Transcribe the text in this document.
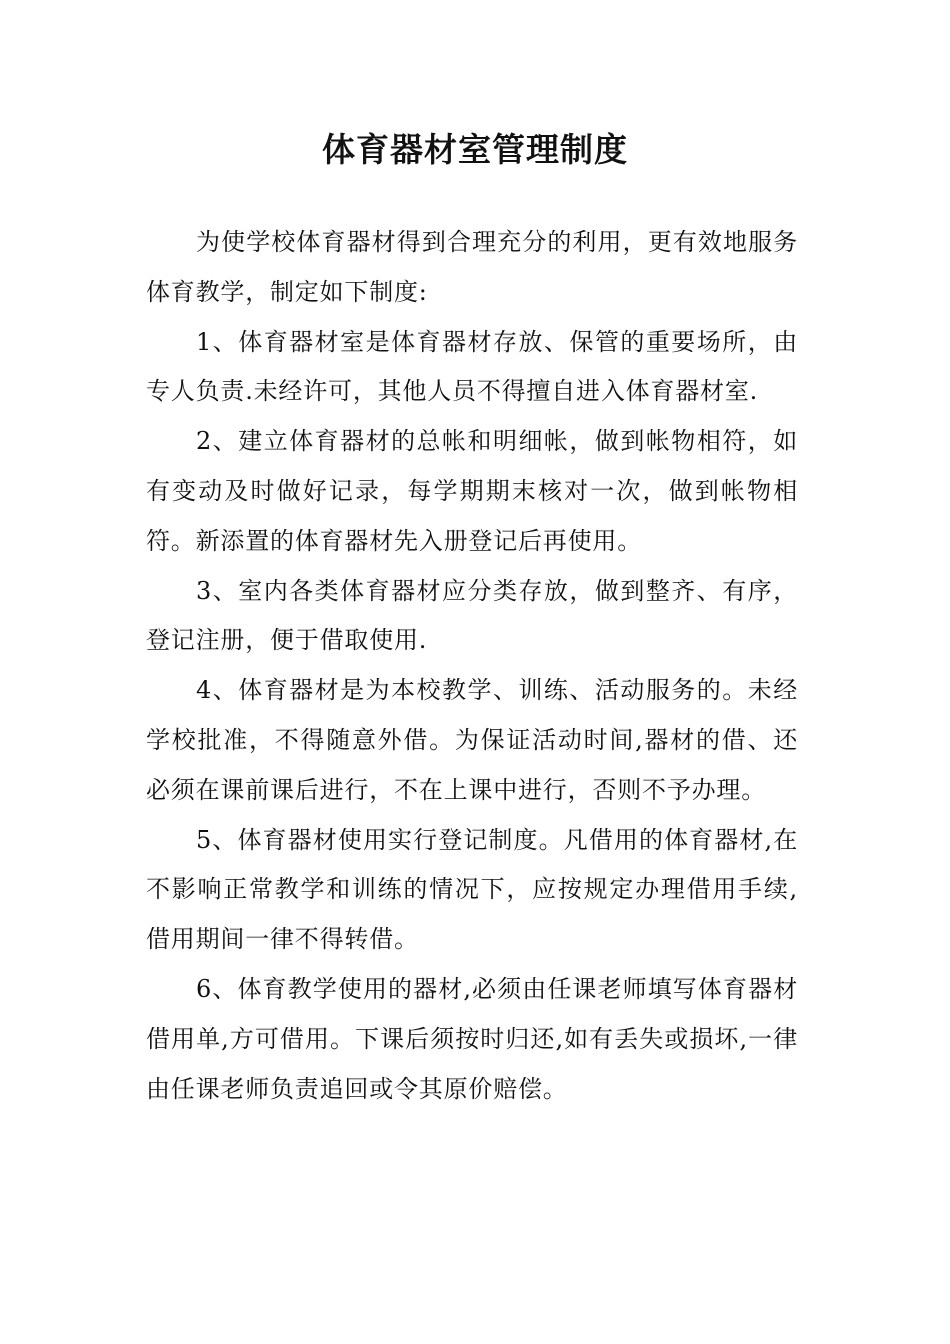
体育器材室管理制度

为使学校体育器材得到合理充分的利用，更有效地服务体育教学，制定如下制度:

1、体育器材室是体育器材存放、保管的重要场所，由专人负责.未经许可，其他人员不得擅自进入体育器材室.

2、建立体育器材的总帐和明细帐，做到帐物相符，如有变动及时做好记录，每学期期末核对一次，做到帐物相符。新添置的体育器材先入册登记后再使用。

3、室内各类体育器材应分类存放，做到整齐、有序，登记注册，便于借取使用.

4、体育器材是为本校教学、训练、活动服务的。未经学校批准，不得随意外借。为保证活动时间,器材的借、还必须在课前课后进行，不在上课中进行，否则不予办理。

5、体育器材使用实行登记制度。凡借用的体育器材,在不影响正常教学和训练的情况下，应按规定办理借用手续,借用期间一律不得转借。

6、体育教学使用的器材,必须由任课老师填写体育器材借用单,方可借用。下课后须按时归还,如有丢失或损坏,一律由任课老师负责追回或令其原价赔偿。
